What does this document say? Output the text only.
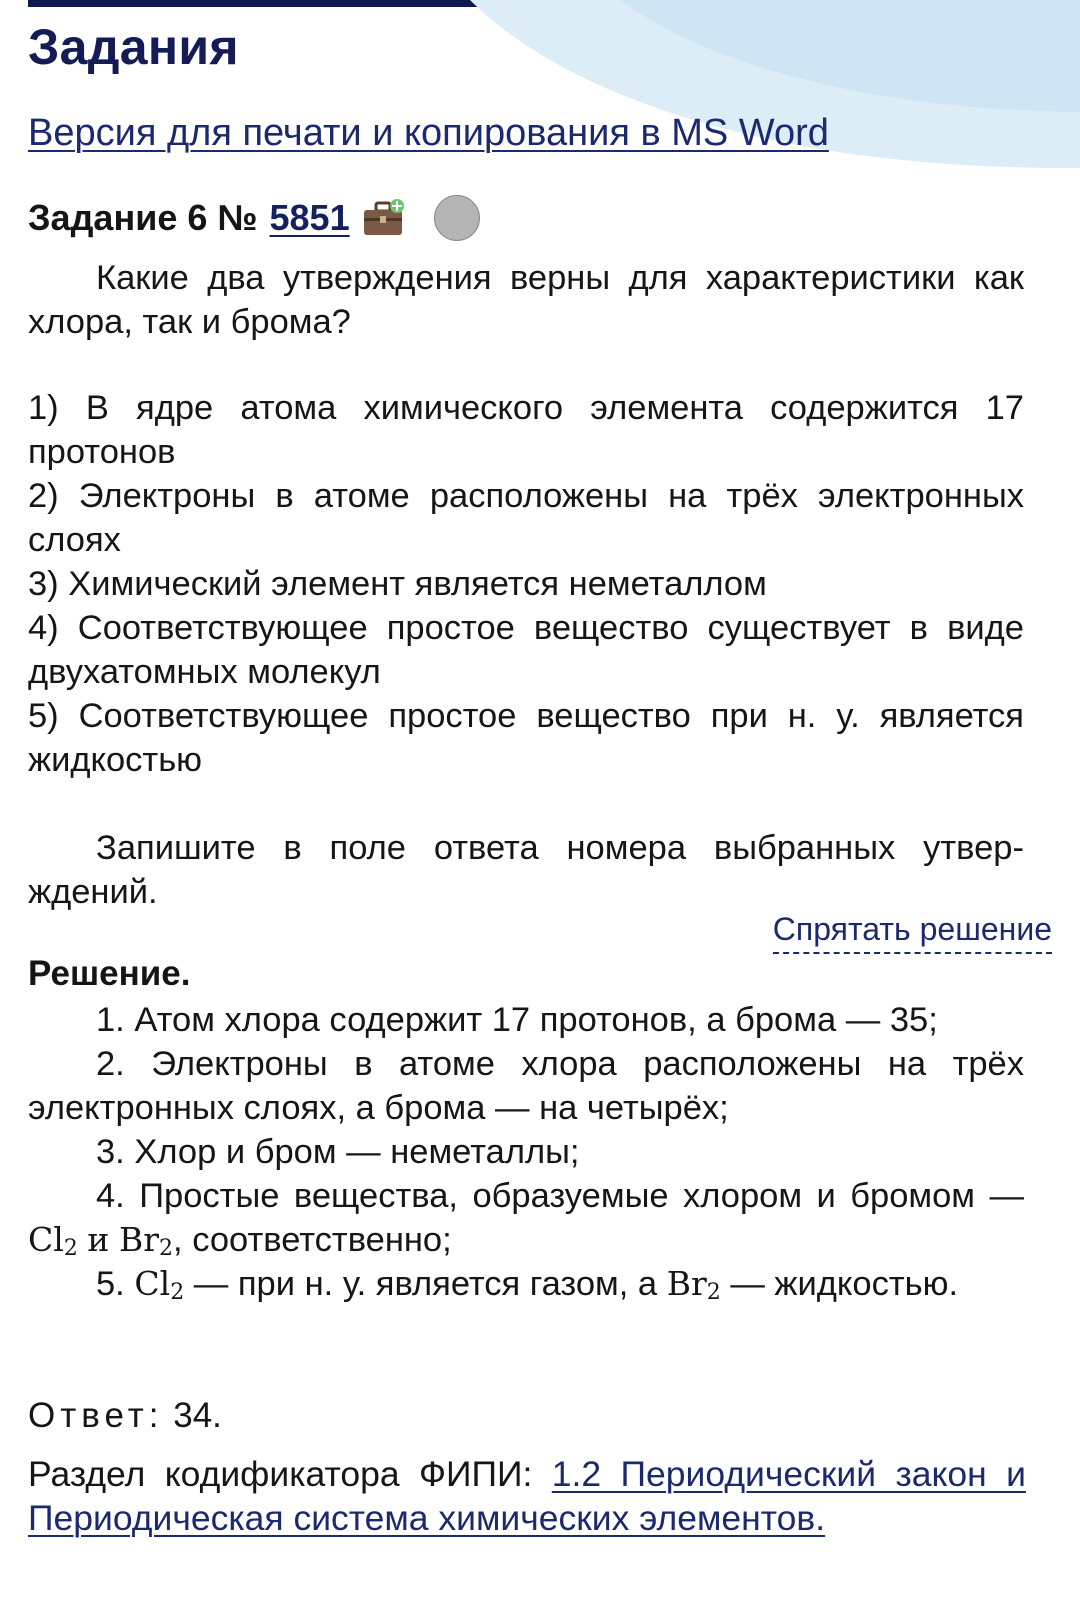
Задания
Версия для печати и копирования в MS Word
Задание 6 № 5851

Какие два утверждения верны для характеристики как хлора, так и брома?

1) В ядре атома химического элемента содержится 17 протонов

2) Электроны в атоме расположены на трёх электронных слоях

3) Химический элемент является неметаллом

4) Соответствующее простое вещество существует в виде двухатомных молекул

5) Соответствующее простое вещество при н. у. является жидкостью

Запишите в поле ответа номера выбранных утверждений.

Решение.

1. Атом хлора содержит 17 протонов, а брома — 35;

2. Электроны в атоме хлора расположены на трёх электронных слоях, а брома — на четырёх;

3. Хлор и бром — неметаллы;

4. Простые вещества, образуемые хлором и бромом — $Cl_2$ и $Br_2$, соответственно;

5. $Cl_2$ — при н. у. является газом, а $Br_2$ — жидкостью.

Ответ: 34.

Раздел кодификатора ФИПИ: 1.2 Периодический закон и Периодическая система химических элементов.

Спрятать решение
